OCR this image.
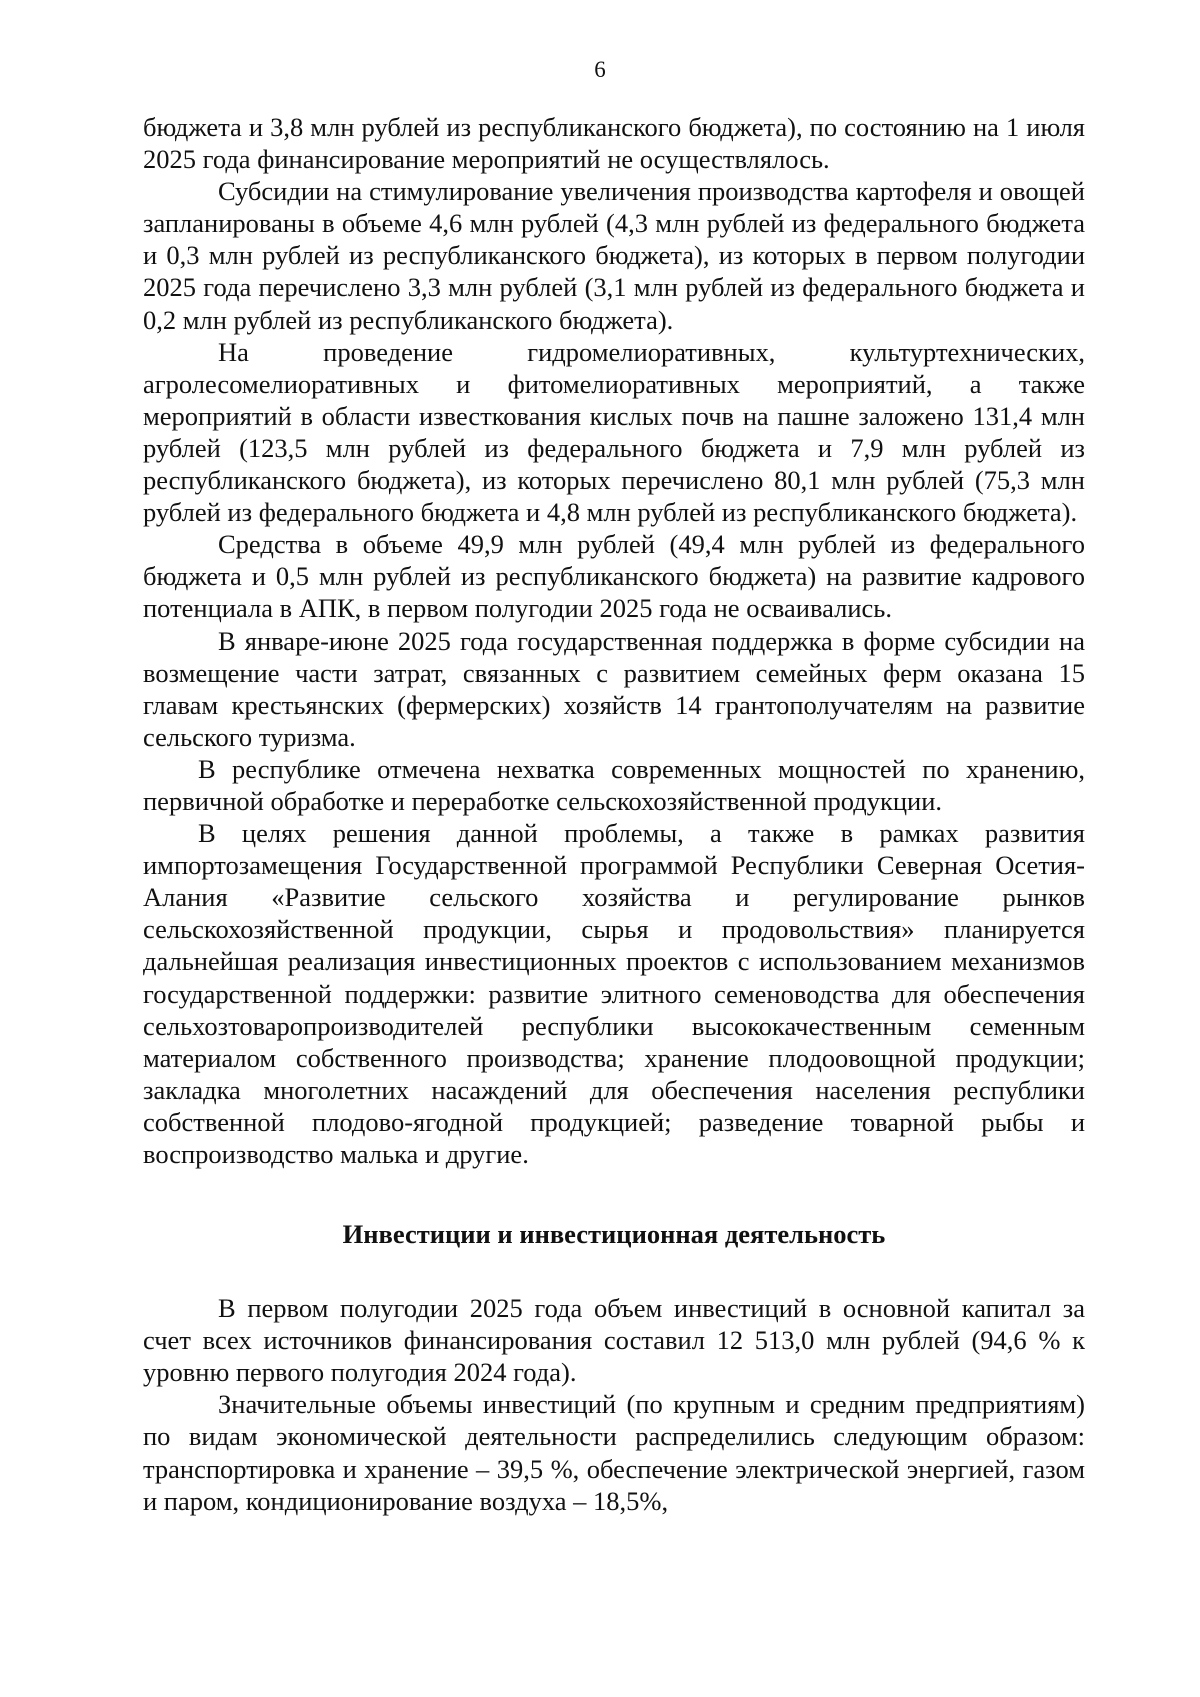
6

бюджета и 3,8 млн рублей из республиканского бюджета), по состоянию на 1 июля 2025 года финансирование мероприятий не осуществлялось.

Субсидии на стимулирование увеличения производства картофеля и овощей запланированы в объеме 4,6 млн рублей (4,3 млн рублей из федерального бюджета и 0,3 млн рублей из республиканского бюджета), из которых в первом полугодии 2025 года перечислено 3,3 млн рублей (3,1 млн рублей из федерального бюджета и 0,2 млн рублей из республиканского бюджета).

На проведение гидромелиоративных, культуртехнических, агролесомелиоративных и фитомелиоративных мероприятий, а также мероприятий в области известкования кислых почв на пашне заложено 131,4 млн рублей (123,5 млн рублей из федерального бюджета и 7,9 млн рублей из республиканского бюджета), из которых перечислено 80,1 млн рублей (75,3 млн рублей из федерального бюджета и 4,8 млн рублей из республиканского бюджета).

Средства в объеме 49,9 млн рублей (49,4 млн рублей из федерального бюджета и 0,5 млн рублей из республиканского бюджета) на развитие кадрового потенциала в АПК, в первом полугодии 2025 года не осваивались.

В январе-июне 2025 года государственная поддержка в форме субсидии на возмещение части затрат, связанных с развитием семейных ферм оказана 15 главам крестьянских (фермерских) хозяйств 14 грантополучателям на развитие сельского туризма.

В республике отмечена нехватка современных мощностей по хранению, первичной обработке и переработке сельскохозяйственной продукции.

В целях решения данной проблемы, а также в рамках развития импортозамещения Государственной программой Республики Северная Осетия-Алания «Развитие сельского хозяйства и регулирование рынков сельскохозяйственной продукции, сырья и продовольствия» планируется дальнейшая реализация инвестиционных проектов с использованием механизмов государственной поддержки: развитие элитного семеноводства для обеспечения сельхозтоваропроизводителей республики высококачественным семенным материалом собственного производства; хранение плодоовощной продукции; закладка многолетних насаждений для обеспечения населения республики собственной плодово-ягодной продукцией; разведение товарной рыбы и воспроизводство малька и другие.

Инвестиции и инвестиционная деятельность

В первом полугодии 2025 года объем инвестиций в основной капитал за счет всех источников финансирования составил 12 513,0 млн рублей (94,6 % к уровню первого полугодия 2024 года).

Значительные объемы инвестиций (по крупным и средним предприятиям) по видам экономической деятельности распределились следующим образом: транспортировка и хранение – 39,5 %, обеспечение электрической энергией, газом и паром, кондиционирование воздуха – 18,5%,
